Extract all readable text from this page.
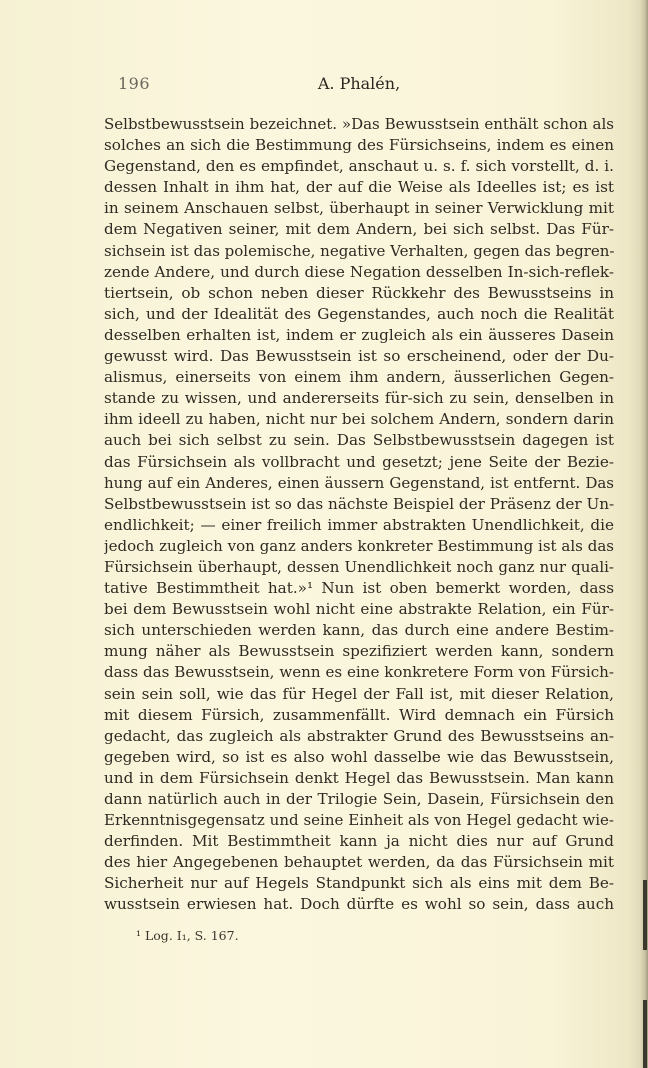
196	A. Phalén,
Selbstbewusstsein bezeichnet. »Das Bewusstsein enthält schon als
solches an sich die Bestimmung des Fürsichseins, indem es einen
Gegenstand, den es empfindet, anschaut u. s. f. sich vorstellt, d. i.
dessen Inhalt in ihm hat, der auf die Weise als Ideelles ist; es ist
in seinem Anschauen selbst, überhaupt in seiner Verwicklung mit
dem Negativen seiner, mit dem Andern, bei sich selbst. Das Für-
sichsein ist das polemische, negative Verhalten, gegen das begren-
zende Andere, und durch diese Negation desselben In-sich-reflek-
tiertsein, ob schon neben dieser Rückkehr des Bewusstseins in
sich, und der Idealität des Gegenstandes, auch noch die Realität
desselben erhalten ist, indem er zugleich als ein äusseres Dasein
gewusst wird. Das Bewusstsein ist so erscheinend, oder der Du-
alismus, einerseits von einem ihm andern, äusserlichen Gegen-
stande zu wissen, und andererseits für-sich zu sein, denselben in
ihm ideell zu haben, nicht nur bei solchem Andern, sondern darin
auch bei sich selbst zu sein. Das Selbstbewusstsein dagegen ist
das Fürsichsein als vollbracht und gesetzt; jene Seite der Bezie-
hung auf ein Anderes, einen äussern Gegenstand, ist entfernt. Das
Selbstbewusstsein ist so das nächste Beispiel der Präsenz der Un-
endlichkeit; — einer freilich immer abstrakten Unendlichkeit, die
jedoch zugleich von ganz anders konkreter Bestimmung ist als das
Fürsichsein überhaupt, dessen Unendlichkeit noch ganz nur quali-
tative Bestimmtheit hat.»¹ Nun ist oben bemerkt worden, dass
bei dem Bewusstsein wohl nicht eine abstrakte Relation, ein Für-
sich unterschieden werden kann, das durch eine andere Bestim-
mung näher als Bewusstsein spezifiziert werden kann, sondern
dass das Bewusstsein, wenn es eine konkretere Form von Fürsich-
sein sein soll, wie das für Hegel der Fall ist, mit dieser Relation,
mit diesem Fürsich, zusammenfällt. Wird demnach ein Fürsich
gedacht, das zugleich als abstrakter Grund des Bewusstseins an-
gegeben wird, so ist es also wohl dasselbe wie das Bewusstsein,
und in dem Fürsichsein denkt Hegel das Bewusstsein. Man kann
dann natürlich auch in der Trilogie Sein, Dasein, Fürsichsein den
Erkenntnisgegensatz und seine Einheit als von Hegel gedacht wie-
derfinden. Mit Bestimmtheit kann ja nicht dies nur auf Grund
des hier Angegebenen behauptet werden, da das Fürsichsein mit
Sicherheit nur auf Hegels Standpunkt sich als eins mit dem Be-
wusstsein erwiesen hat. Doch dürfte es wohl so sein, dass auch
¹ Log. I₁, S. 167.
